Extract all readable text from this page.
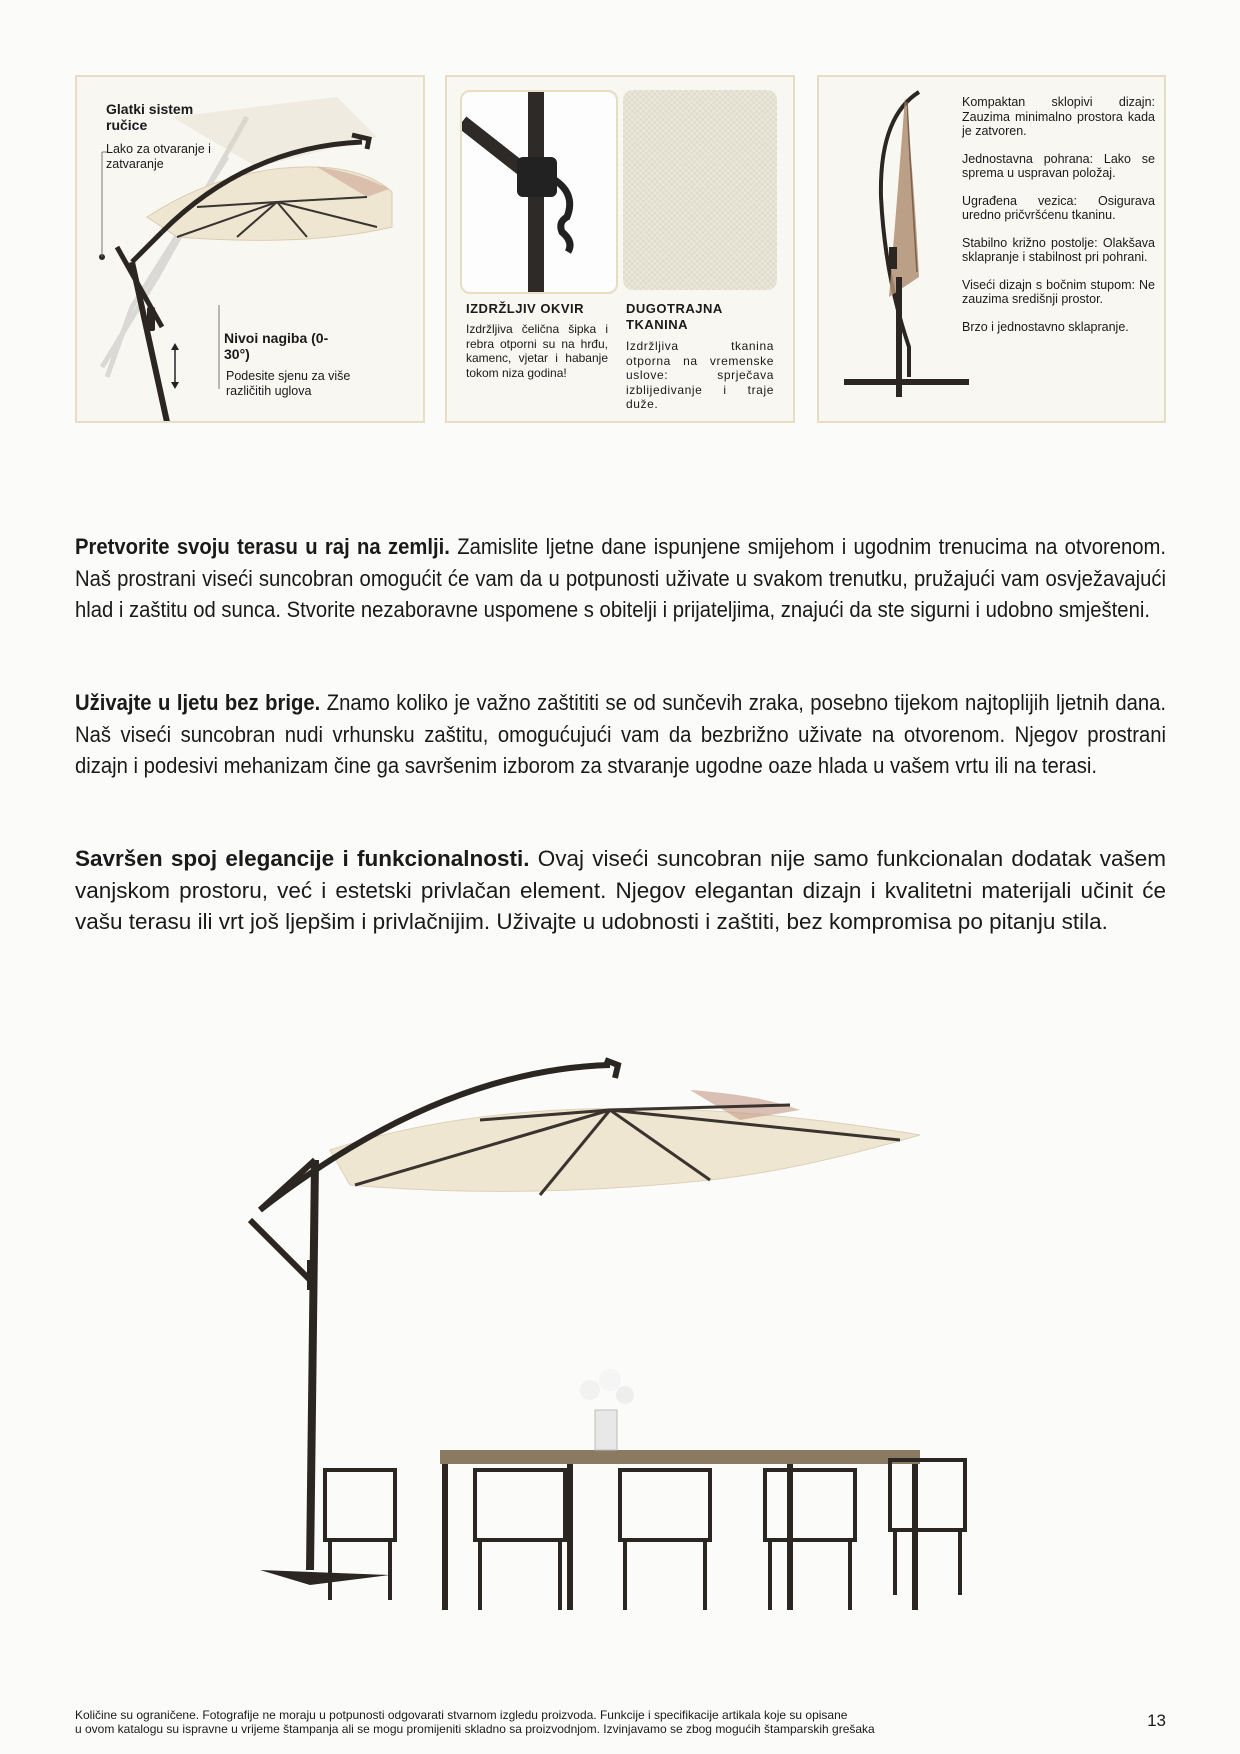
Glatki sistem ručice
Lako za otvaranje i zatvaranje
Nivoi nagiba (0-30°)
Podesite sjenu za više različitih uglova
IZDRŽLJIV OKVIR
Izdržljiva čelična šipka i rebra otporni su na hrđu, kamenc, vjetar i habanje tokom niza godina!
DUGOTRAJNA TKANINA
Izdržljiva tkanina otporna na vremenske uslove: sprječava izblijedivanje i traje duže.
Kompaktan sklopivi dizajn: Zauzima minimalno prostora kada je zatvoren.
Jednostavna pohrana: Lako se sprema u uspravan položaj.
Ugrađena vezica: Osigurava uredno pričvršćenu tkaninu.
Stabilno križno postolje: Olakšava sklapranje i stabilnost pri pohrani.
Viseći dizajn s bočnim stupom: Ne zauzima središnji prostor.
Brzo i jednostavno sklapranje.
Pretvorite svoju terasu u raj na zemlji. Zamislite ljetne dane ispunjene smijehom i ugodnim trenucima na otvorenom. Naš prostrani viseći suncobran omogućit će vam da u potpunosti uživate u svakom trenutku, pružajući vam osvježavajući hlad i zaštitu od sunca. Stvorite nezaboravne uspomene s obitelji i prijateljima, znajući da ste sigurni i udobno smješteni.
Uživajte u ljetu bez brige. Znamo koliko je važno zaštititi se od sunčevih zraka, posebno tijekom najtoplijih ljetnih dana. Naš viseći suncobran nudi vrhunsku zaštitu, omogućujući vam da bezbrižno uživate na otvorenom. Njegov prostrani dizajn i podesivi mehanizam čine ga savršenim izborom za stvaranje ugodne oaze hlada u vašem vrtu ili na terasi.
Savršen spoj elegancije i funkcionalnosti. Ovaj viseći suncobran nije samo funkcionalan dodatak vašem vanjskom prostoru, već i estetski privlačan element. Njegov elegantan dizajn i kvalitetni materijali učinit će vašu terasu ili vrt još ljepšim i privlačnijim. Uživajte u udobnosti i zaštiti, bez kompromisa po pitanju stila.
Količine su ograničene. Fotografije ne moraju u potpunosti odgovarati stvarnom izgledu proizvoda. Funkcije i specifikacije artikala koje su opisane
u ovom katalogu su ispravne u vrijeme štampanja ali se mogu promijeniti skladno sa proizvodnjom. Izvinjavamo se zbog mogućih štamparskih grešaka	13
